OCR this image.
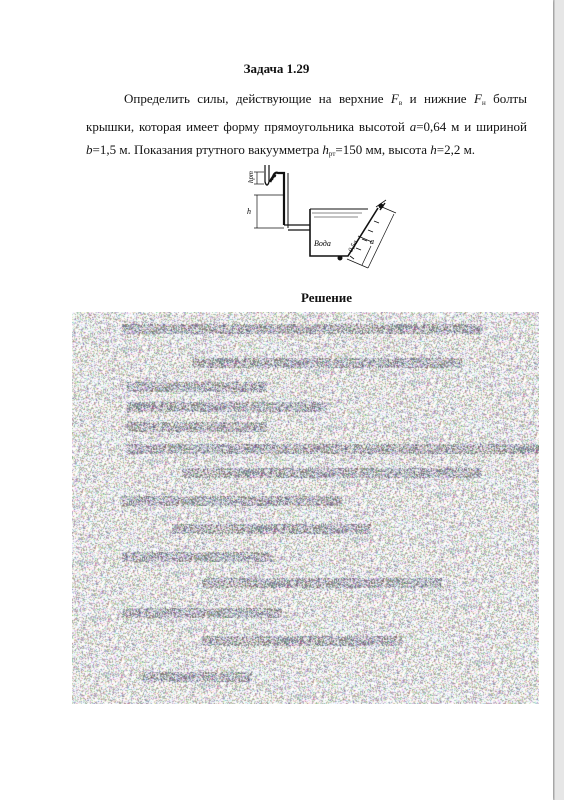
Задача 1.29

Определить силы, действующие на верхние $F_в$ и нижние $F_н$ болты крышки, которая имеет форму прямоугольника высотой a=0,64 м и шириной b=1,5 м. Показания ртутного вакуумметра $h_{рт}=150$ мм, высота h=2,2 м.

hрт
h
Вода 0,5a a
Решение
